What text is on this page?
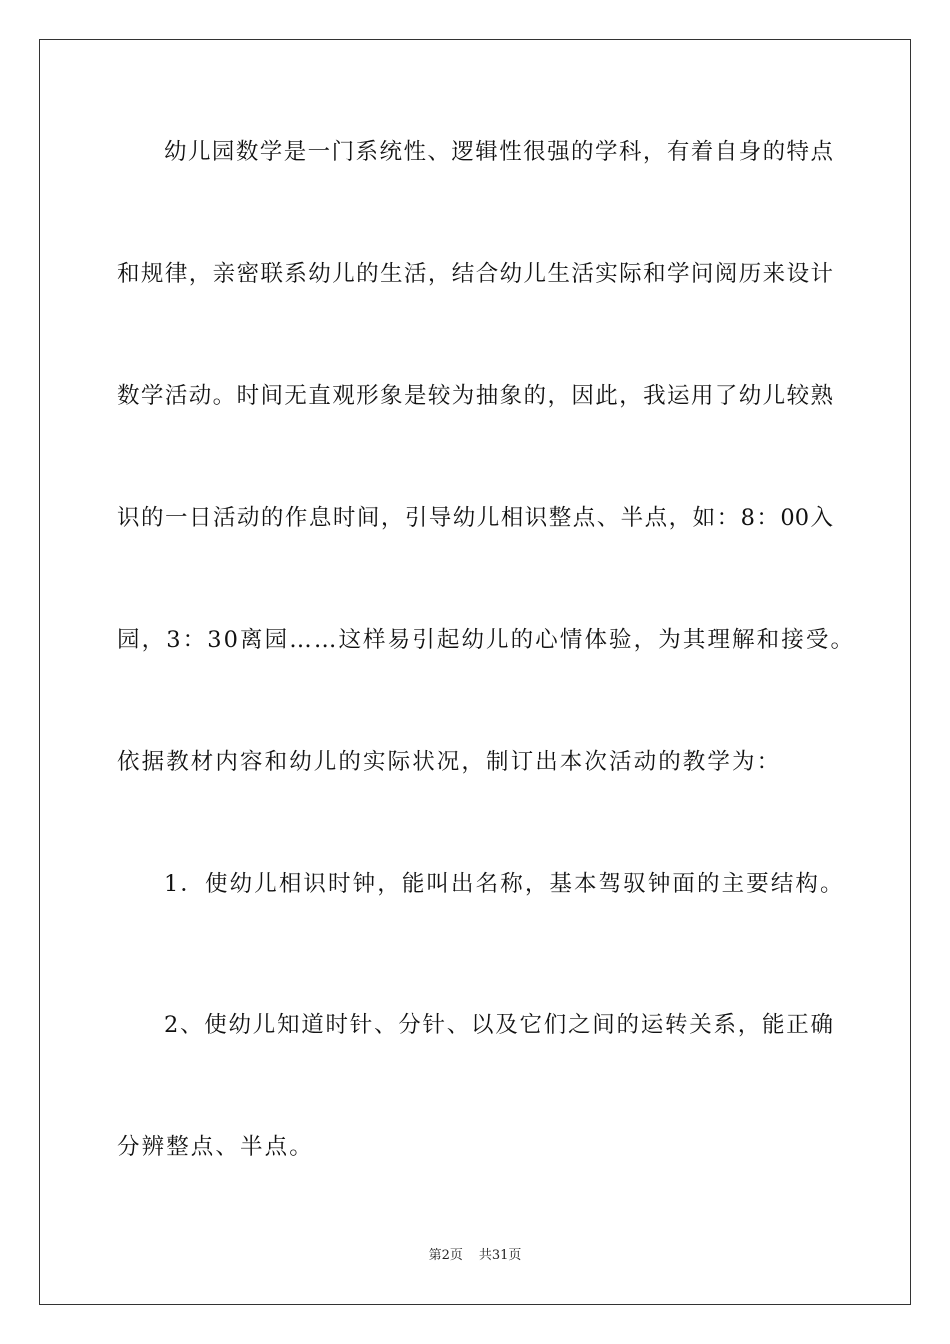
幼儿园数学是一门系统性、逻辑性很强的学科，有着自身的特点
和规律，亲密联系幼儿的生活，结合幼儿生活实际和学问阅历来设计
数学活动。时间无直观形象是较为抽象的，因此，我运用了幼儿较熟
识的一日活动的作息时间，引导幼儿相识整点、半点，如：8：00入
园，3：30离园……这样易引起幼儿的心情体验，为其理解和接受。
依据教材内容和幼儿的实际状况，制订出本次活动的教学为：
1．使幼儿相识时钟，能叫出名称，基本驾驭钟面的主要结构。
2、使幼儿知道时针、分针、以及它们之间的运转关系，能正确
分辨整点、半点。
第2页 共31页
